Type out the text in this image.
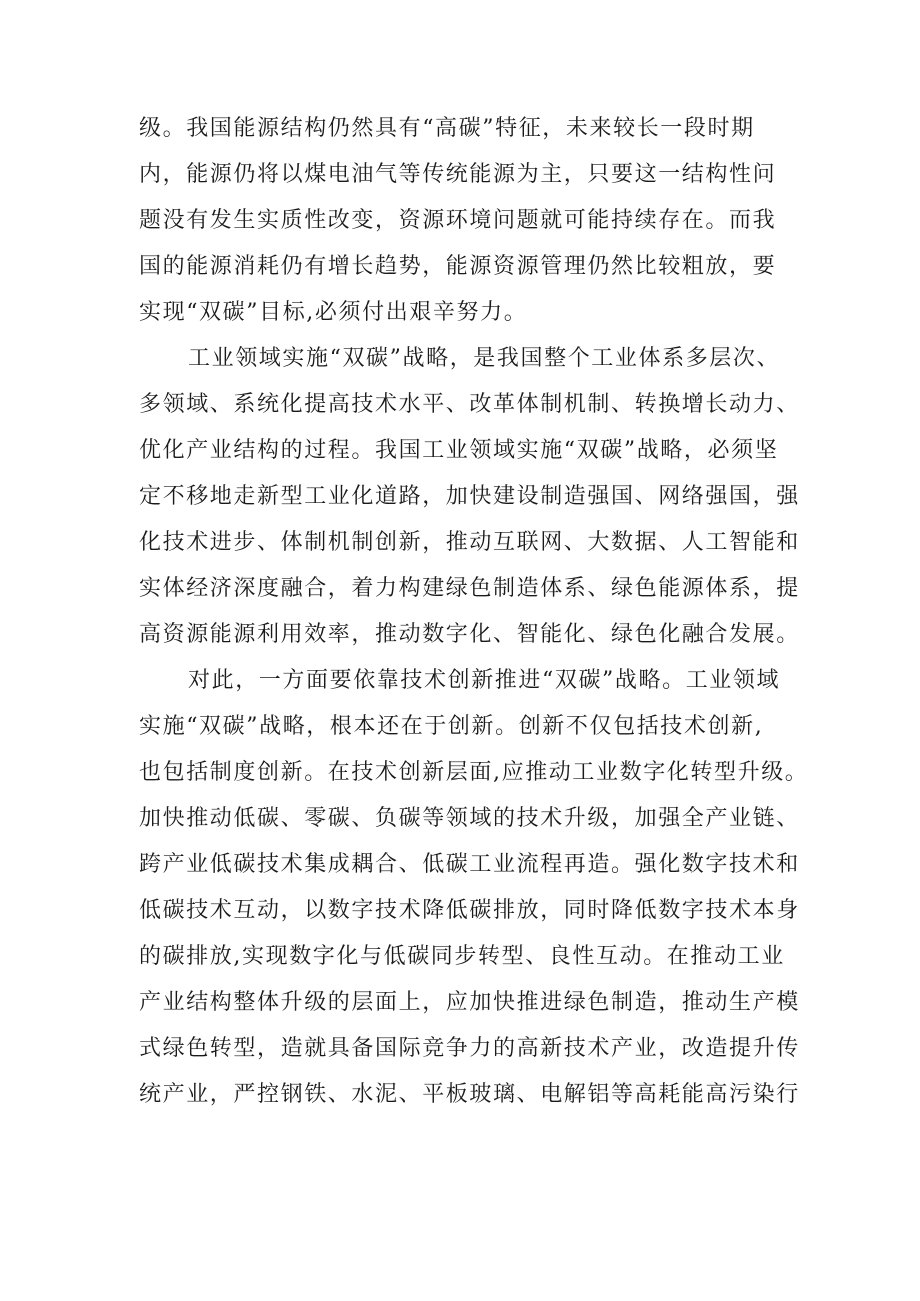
级。我国能源结构仍然具有“高碳”特征，未来较长一段时期
内，能源仍将以煤电油气等传统能源为主，只要这一结构性问
题没有发生实质性改变，资源环境问题就可能持续存在。而我
国的能源消耗仍有增长趋势，能源资源管理仍然比较粗放，要
实现“双碳”目标,必须付出艰辛努力。
工业领域实施“双碳”战略，是我国整个工业体系多层次、
多领域、系统化提高技术水平、改革体制机制、转换增长动力、
优化产业结构的过程。我国工业领域实施“双碳”战略，必须坚
定不移地走新型工业化道路，加快建设制造强国、网络强国，强
化技术进步、体制机制创新，推动互联网、大数据、人工智能和
实体经济深度融合，着力构建绿色制造体系、绿色能源体系，提
高资源能源利用效率，推动数字化、智能化、绿色化融合发展。
对此，一方面要依靠技术创新推进“双碳”战略。工业领域
实施“双碳”战略，根本还在于创新。创新不仅包括技术创新,
也包括制度创新。在技术创新层面,应推动工业数字化转型升级。
加快推动低碳、零碳、负碳等领域的技术升级，加强全产业链、
跨产业低碳技术集成耦合、低碳工业流程再造。强化数字技术和
低碳技术互动，以数字技术降低碳排放，同时降低数字技术本身
的碳排放,实现数字化与低碳同步转型、良性互动。在推动工业
产业结构整体升级的层面上，应加快推进绿色制造，推动生产模
式绿色转型，造就具备国际竞争力的高新技术产业，改造提升传
统产业，严控钢铁、水泥、平板玻璃、电解铝等高耗能高污染行
